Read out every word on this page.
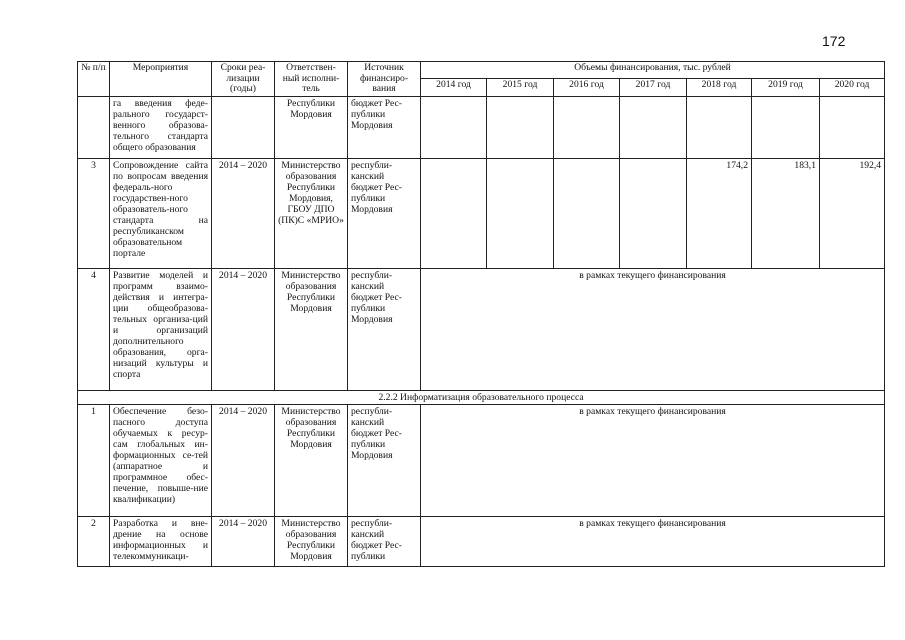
172
№ п/п	Мероприятия	Сроки реа-лизации (годы)	Ответствен-ный исполни-тель	Источник финансиро-вания	Объемы финансирования, тыс. рублей						
					2014 год	2015 год	2016 год	2017 год	2018 год	2019 год	2020 год
	га введения феде-рального государст-венного образова-тельного стандарта общего образования		Республики Мордовия	бюджет Рес-публики Мордовия							
3	Сопровождение сайта по вопросам введения федераль-ного государствен-ного образователь-ного стандарта на республиканском образовательном портале	2014 – 2020	Министерство образования Республики Мордовия, ГБОУ ДПО (ПК)С «МРИО»	республи-канский бюджет Рес-публики Мордовия					174,2	183,1	192,4
4	Развитие моделей и программ взаимо-действия и интегра-ции общеобразова-тельных организа-ций и организаций дополнительного образования, орга-низаций культуры и спорта	2014 – 2020	Министерство образования Республики Мордовия	республи-канский бюджет Рес-публики Мордовия	в рамках текущего финансирования						
2.2.2 Информатизация образовательного процесса											
1	Обеспечение безо-пасного доступа обучаемых к ресур-сам глобальных ин-формационных се-тей (аппаратное и программное обес-печение, повыше-ние квалификации)	2014 – 2020	Министерство образования Республики Мордовия	республи-канский бюджет Рес-публики Мордовия	в рамках текущего финансирования						
2	Разработка и вне-дрение на основе информационных и телекоммуникаци-	2014 – 2020	Министерство образования Республики Мордовия	республи-канский бюджет Рес-публики	в рамках текущего финансирования						
